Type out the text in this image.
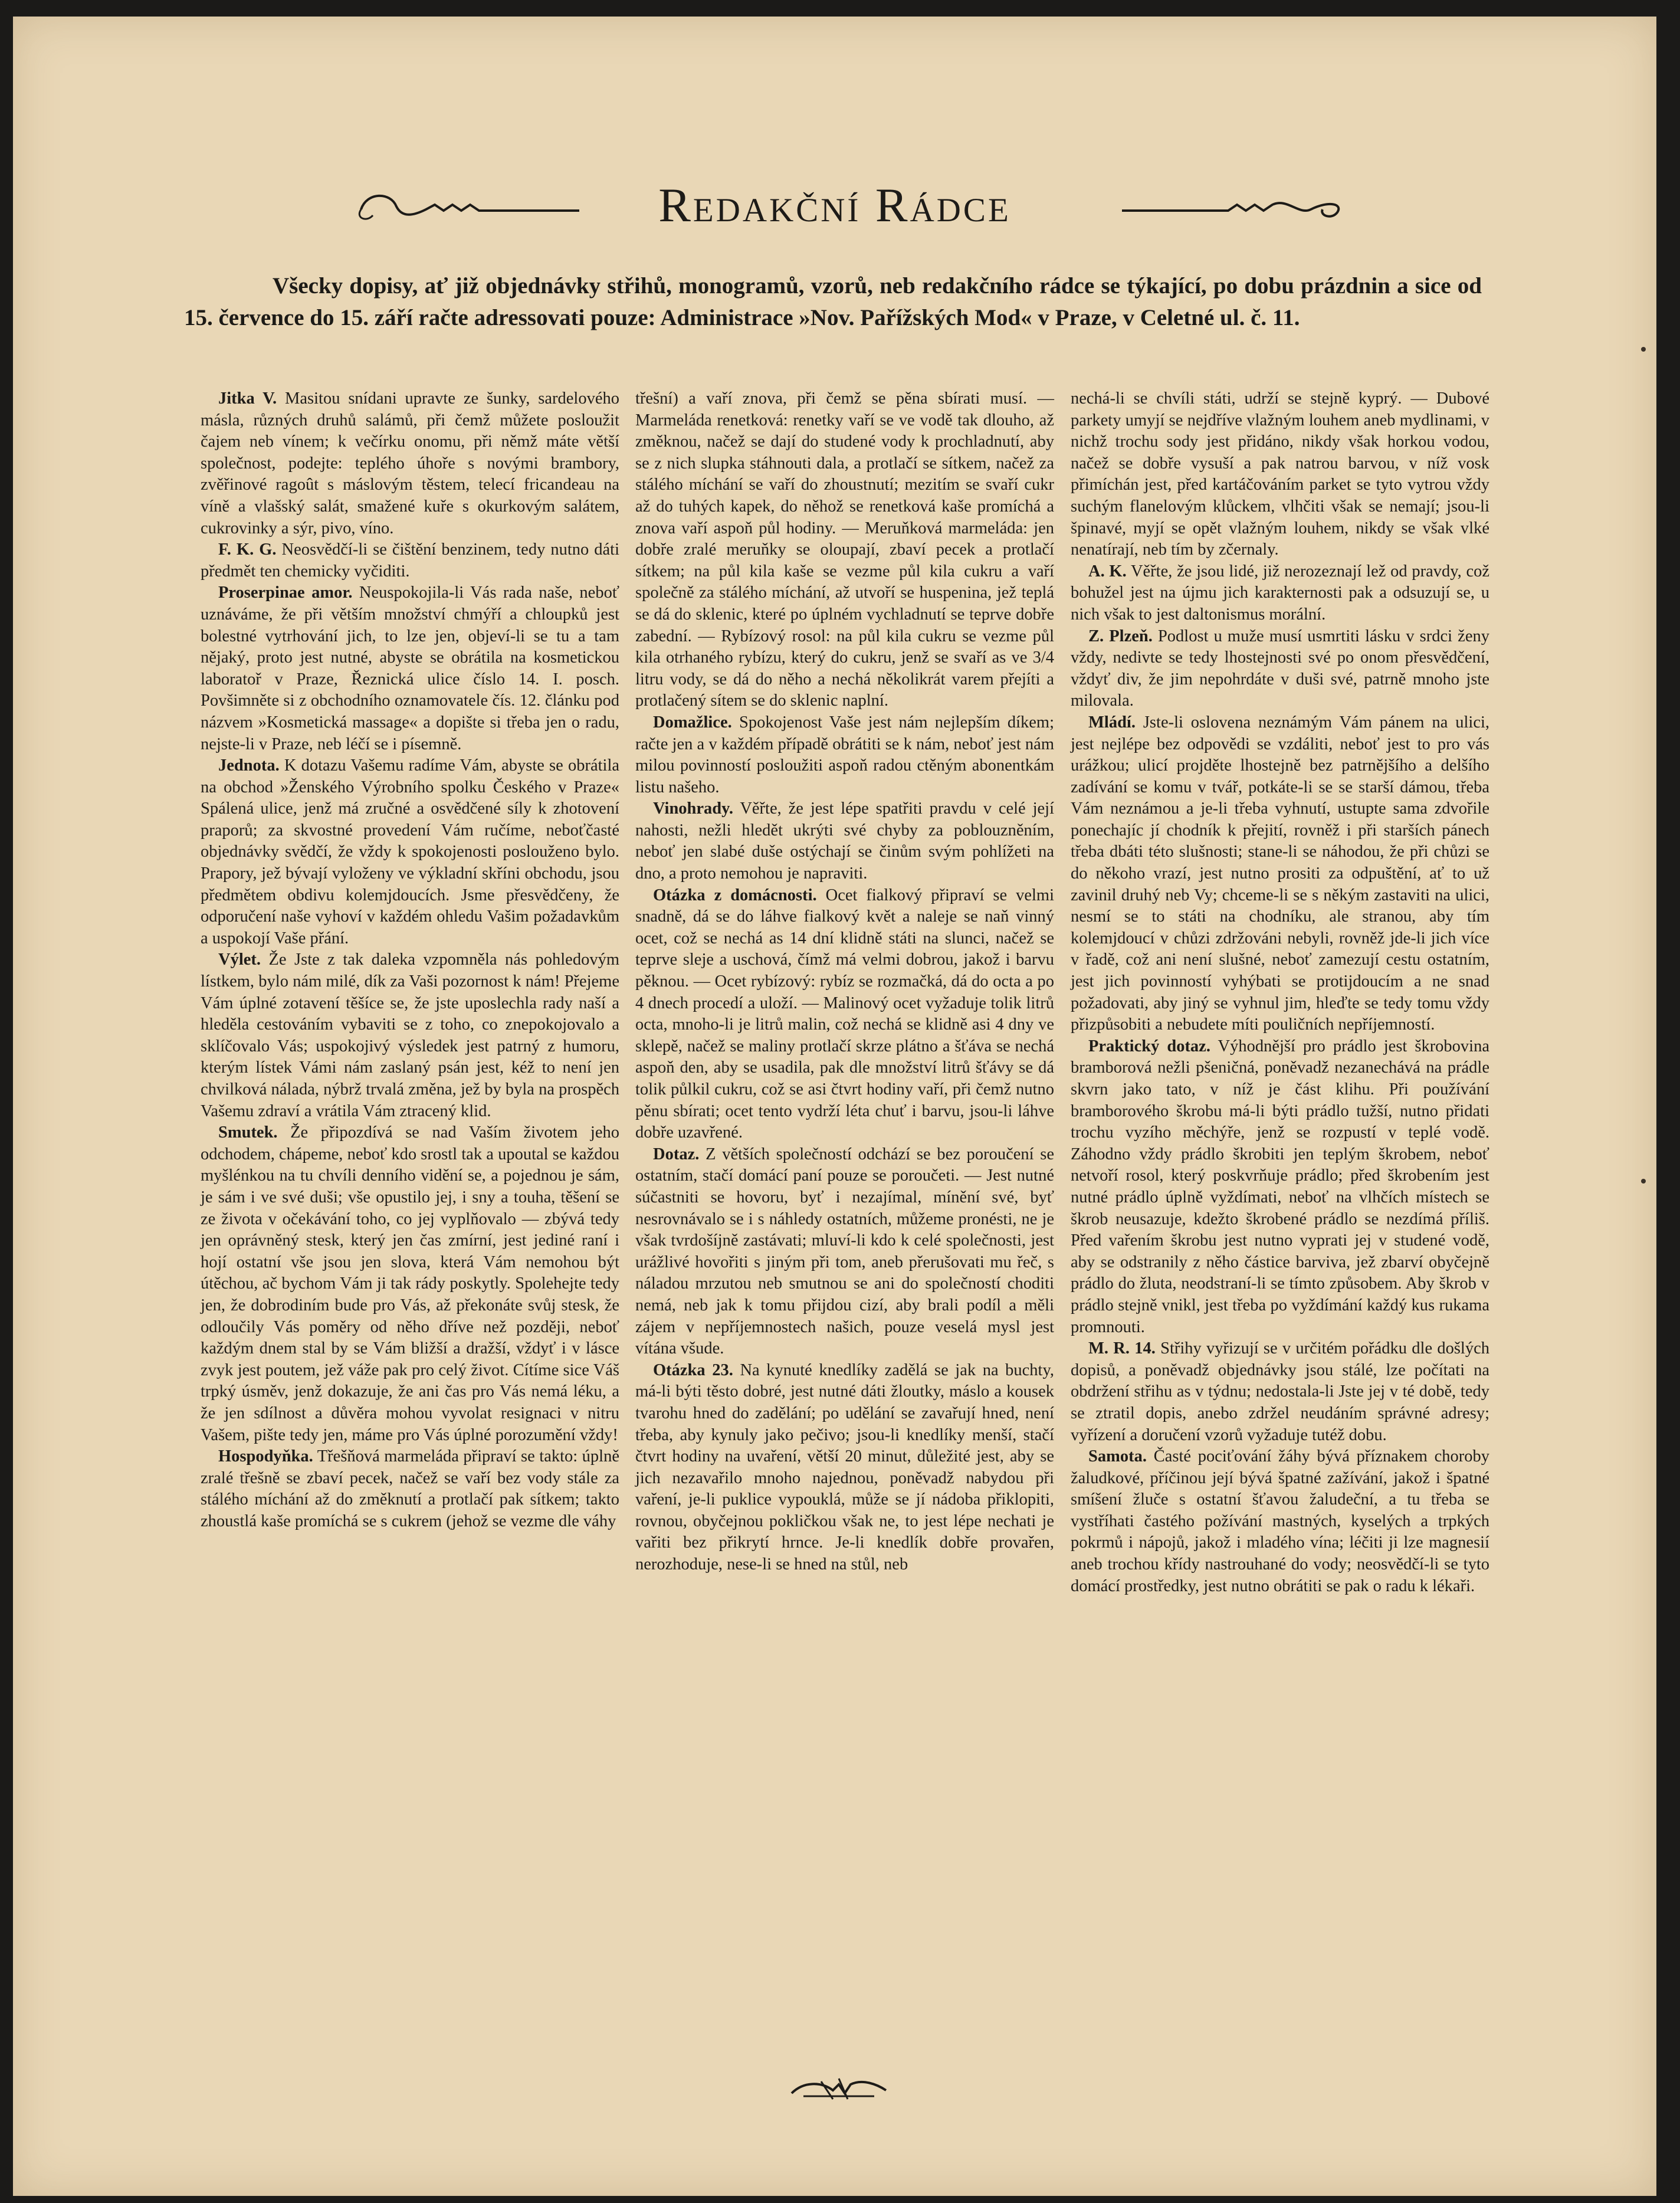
Redakční Rádce
Všecky dopisy, ať již objednávky střihů, monogramů, vzorů, neb redakčního rádce se týkající, po dobu prázdnin a sice od 15. července do 15. září račte adressovati pouze: Administrace »Nov. Pařížských Mod« v Praze, v Celetné ul. č. 11.

Jitka V. Masitou snídani upravte ze šunky, sardelového másla, různých druhů salámů, při čemž můžete posloužit čajem neb vínem; k večírku onomu, při němž máte větší společnost, podejte: teplého úhoře s novými brambory, zvěřinové ragoût s máslovým těstem, telecí fricandeau na víně a vlašský salát, smažené kuře s okurkovým salátem, cukrovinky a sýr, pivo, víno.

F. K. G. Neosvědčí-li se čištění benzinem, tedy nutno dáti předmět ten chemicky vyčiditi.

Proserpinae amor. Neuspokojila-li Vás rada naše, neboť uznáváme, že při větším množství chmýří a chloupků jest bolestné vytrhování jich, to lze jen, objeví-li se tu a tam nějaký, proto jest nutné, abyste se obrátila na kosmetickou laboratoř v Praze, Řeznická ulice číslo 14. I. posch. Povšimněte si z obchodního oznamovatele čís. 12. článku pod názvem »Kosmetická massage« a dopište si třeba jen o radu, nejste-li v Praze, neb léčí se i písemně.

Jednota. K dotazu Vašemu radíme Vám, abyste se obrátila na obchod »Ženského Výrobního spolku Českého v Praze« Spálená ulice, jenž má zručné a osvědčené síly k zhotovení praporů; za skvostné provedení Vám ručíme, neboťčasté objednávky svědčí, že vždy k spokojenosti poslouženo bylo. Prapory, jež bývají vyloženy ve výkladní skříni obchodu, jsou předmětem obdivu kolemjdoucích. Jsme přesvědčeny, že odporučení naše vyhoví v každém ohledu Vašim požadavkům a uspokojí Vaše přání.

Výlet. Že Jste z tak daleka vzpomněla nás pohledovým lístkem, bylo nám milé, dík za Vaši pozornost k nám! Přejeme Vám úplné zotavení těšíce se, že jste uposlechla rady naší a hleděla cestováním vybaviti se z toho, co znepokojovalo a sklíčovalo Vás; uspokojivý výsledek jest patrný z humoru, kterým lístek Vámi nám zaslaný psán jest, kéž to není jen chvilková nálada, nýbrž trvalá změna, jež by byla na prospěch Vašemu zdraví a vrátila Vám ztracený klid.

Smutek. Že připozdívá se nad Vaším životem jeho odchodem, chápeme, neboť kdo srostl tak a upoutal se každou myšlénkou na tu chvíli denního vidění se, a pojednou je sám, je sám i ve své duši; vše opustilo jej, i sny a touha, těšení se ze života v očekávání toho, co jej vyplňovalo — zbývá tedy jen oprávněný stesk, který jen čas zmírní, jest jediné raní i hojí ostatní vše jsou jen slova, která Vám nemohou být útěchou, ač bychom Vám ji tak rády poskytly. Spolehejte tedy jen, že dobrodiním bude pro Vás, až překonáte svůj stesk, že odloučily Vás poměry od něho dříve než později, neboť každým dnem stal by se Vám bližší a dražší, vždyť i v lásce zvyk jest poutem, jež váže pak pro celý život. Cítíme sice Váš trpký úsměv, jenž dokazuje, že ani čas pro Vás nemá léku, a že jen sdílnost a důvěra mohou vyvolat resignaci v nitru Vašem, pište tedy jen, máme pro Vás úplné porozumění vždy!

Hospodyňka. Třešňová marmeláda připraví se takto: úplně zralé třešně se zbaví pecek, načež se vaří bez vody stále za stálého míchání až do změknutí a protlačí pak sítkem; takto zhoustlá kaše promíchá se s cukrem (jehož se vezme dle váhy

třešní) a vaří znova, při čemž se pěna sbírati musí. — Marmeláda renetková: renetky vaří se ve vodě tak dlouho, až změknou, načež se dají do studené vody k prochladnutí, aby se z nich slupka stáhnouti dala, a protlačí se sítkem, načež za stálého míchání se vaří do zhoustnutí; mezitím se svaří cukr až do tuhých kapek, do něhož se renetková kaše promíchá a znova vaří aspoň půl hodiny. — Meruňková marmeláda: jen dobře zralé meruňky se oloupají, zbaví pecek a protlačí sítkem; na půl kila kaše se vezme půl kila cukru a vaří společně za stálého míchání, až utvoří se huspenina, jež teplá se dá do sklenic, které po úplném vychladnutí se teprve dobře zabední. — Rybízový rosol: na půl kila cukru se vezme půl kila otrhaného rybízu, který do cukru, jenž se svaří as ve 3/4 litru vody, se dá do něho a nechá několikrát varem přejíti a protlačený sítem se do sklenic naplní.

Domažlice. Spokojenost Vaše jest nám nejlepším díkem; račte jen a v každém případě obrátiti se k nám, neboť jest nám milou povinností posloužiti aspoň radou ctěným abonentkám listu našeho.

Vinohrady. Věřte, že jest lépe spatřiti pravdu v celé její nahosti, nežli hledět ukrýti své chyby za poblouzněním, neboť jen slabé duše ostýchají se činům svým pohlížeti na dno, a proto nemohou je napraviti.

Otázka z domácnosti. Ocet fialkový připraví se velmi snadně, dá se do láhve fialkový květ a naleje se naň vinný ocet, což se nechá as 14 dní klidně státi na slunci, načež se teprve sleje a uschová, čímž má velmi dobrou, jakož i barvu pěknou. — Ocet rybízový: rybíz se rozmačká, dá do octa a po 4 dnech procedí a uloží. — Malinový ocet vyžaduje tolik litrů octa, mnoho-li je litrů malin, což nechá se klidně asi 4 dny ve sklepě, načež se maliny protlačí skrze plátno a šťáva se nechá aspoň den, aby se usadila, pak dle množství litrů šťávy se dá tolik půlkil cukru, což se asi čtvrt hodiny vaří, při čemž nutno pěnu sbírati; ocet tento vydrží léta chuť i barvu, jsou-li láhve dobře uzavřené.

Dotaz. Z větších společností odchází se bez poroučení se ostatním, stačí domácí paní pouze se poroučeti. — Jest nutné súčastniti se hovoru, byť i nezajímal, mínění své, byť nesrovnávalo se i s náhledy ostatních, můžeme pronésti, ne je však tvrdošíjně zastávati; mluví-li kdo k celé společnosti, jest urážlivé hovořiti s jiným při tom, aneb přerušovati mu řeč, s náladou mrzutou neb smutnou se ani do společností choditi nemá, neb jak k tomu přijdou cizí, aby brali podíl a měli zájem v nepříjemnostech našich, pouze veselá mysl jest vítána všude.

Otázka 23. Na kynuté knedlíky zadělá se jak na buchty, má-li býti těsto dobré, jest nutné dáti žloutky, máslo a kousek tvarohu hned do zadělání; po udělání se zavařují hned, není třeba, aby kynuly jako pečivo; jsou-li knedlíky menší, stačí čtvrt hodiny na uvaření, větší 20 minut, důležité jest, aby se jich nezavařilo mnoho najednou, poněvadž nabydou při vaření, je-li puklice vypouklá, může se jí nádoba přiklopiti, rovnou, obyčejnou pokličkou však ne, to jest lépe nechati je vařiti bez přikrytí hrnce. Je-li knedlík dobře provařen, nerozhoduje, nese-li se hned na stůl, neb

nechá-li se chvíli státi, udrží se stejně kyprý. — Dubové parkety umyjí se nejdříve vlažným louhem aneb mydlinami, v nichž trochu sody jest přidáno, nikdy však horkou vodou, načež se dobře vysuší a pak natrou barvou, v níž vosk přimíchán jest, před kartáčováním parket se tyto vytrou vždy suchým flanelovým klůckem, vlhčiti však se nemají; jsou-li špinavé, myjí se opět vlažným louhem, nikdy se však vlké nenatírají, neb tím by zčernaly.

A. K. Věřte, že jsou lidé, již nerozeznají lež od pravdy, což bohužel jest na újmu jich karakternosti pak a odsuzují se, u nich však to jest daltonismus morální.

Z. Plzeň. Podlost u muže musí usmrtiti lásku v srdci ženy vždy, nedivte se tedy lhostejnosti své po onom přesvědčení, vždyť div, že jim nepohrdáte v duši své, patrně mnoho jste milovala.

Mládí. Jste-li oslovena neznámým Vám pánem na ulici, jest nejlépe bez odpovědi se vzdáliti, neboť jest to pro vás urážkou; ulicí projděte lhostejně bez patrnějšího a delšího zadívání se komu v tvář, potkáte-li se se starší dámou, třeba Vám neznámou a je-li třeba vyhnutí, ustupte sama zdvořile ponechajíc jí chodník k přejití, rovněž i při starších pánech třeba dbáti této slušnosti; stane-li se náhodou, že při chůzi se do někoho vrazí, jest nutno prositi za odpuštění, ať to už zavinil druhý neb Vy; chceme-li se s někým zastaviti na ulici, nesmí se to státi na chodníku, ale stranou, aby tím kolemjdoucí v chůzi zdržováni nebyli, rovněž jde-li jich více v řadě, což ani není slušné, neboť zamezují cestu ostatním, jest jich povinností vyhýbati se protijdoucím a ne snad požadovati, aby jiný se vyhnul jim, hleďte se tedy tomu vždy přizpůsobiti a nebudete míti pouličních nepříjemností.

Praktický dotaz. Výhodnější pro prádlo jest škrobovina bramborová nežli pšeničná, poněvadž nezanechává na prádle skvrn jako tato, v níž je část klihu. Při používání bramborového škrobu má-li býti prádlo tužší, nutno přidati trochu vyzího měchýře, jenž se rozpustí v teplé vodě. Záhodno vždy prádlo škrobiti jen teplým škrobem, neboť netvoří rosol, který poskvrňuje prádlo; před škrobením jest nutné prádlo úplně vyždímati, neboť na vlhčích místech se škrob neusazuje, kdežto škrobené prádlo se nezdímá příliš. Před vařením škrobu jest nutno vyprati jej v studené vodě, aby se odstranily z něho částice barviva, jež zbarví obyčejně prádlo do žluta, neodstraní-li se tímto způsobem. Aby škrob v prádlo stejně vnikl, jest třeba po vyždímání každý kus rukama promnouti.

M. R. 14. Střihy vyřizují se v určitém pořádku dle došlých dopisů, a poněvadž objednávky jsou stálé, lze počítati na obdržení střihu as v týdnu; nedostala-li Jste jej v té době, tedy se ztratil dopis, anebo zdržel neudáním správné adresy; vyřízení a doručení vzorů vyžaduje tutéž dobu.

Samota. Časté pociťování žáhy bývá příznakem choroby žaludkové, příčinou její bývá špatné zažívání, jakož i špatné smíšení žluče s ostatní šťavou žaludeční, a tu třeba se vystříhati častého požívání mastných, kyselých a trpkých pokrmů i nápojů, jakož i mladého vína; léčiti ji lze magnesií aneb trochou křídy nastrouhané do vody; neosvědčí-li se tyto domácí prostředky, jest nutno obrátiti se pak o radu k lékaři.
